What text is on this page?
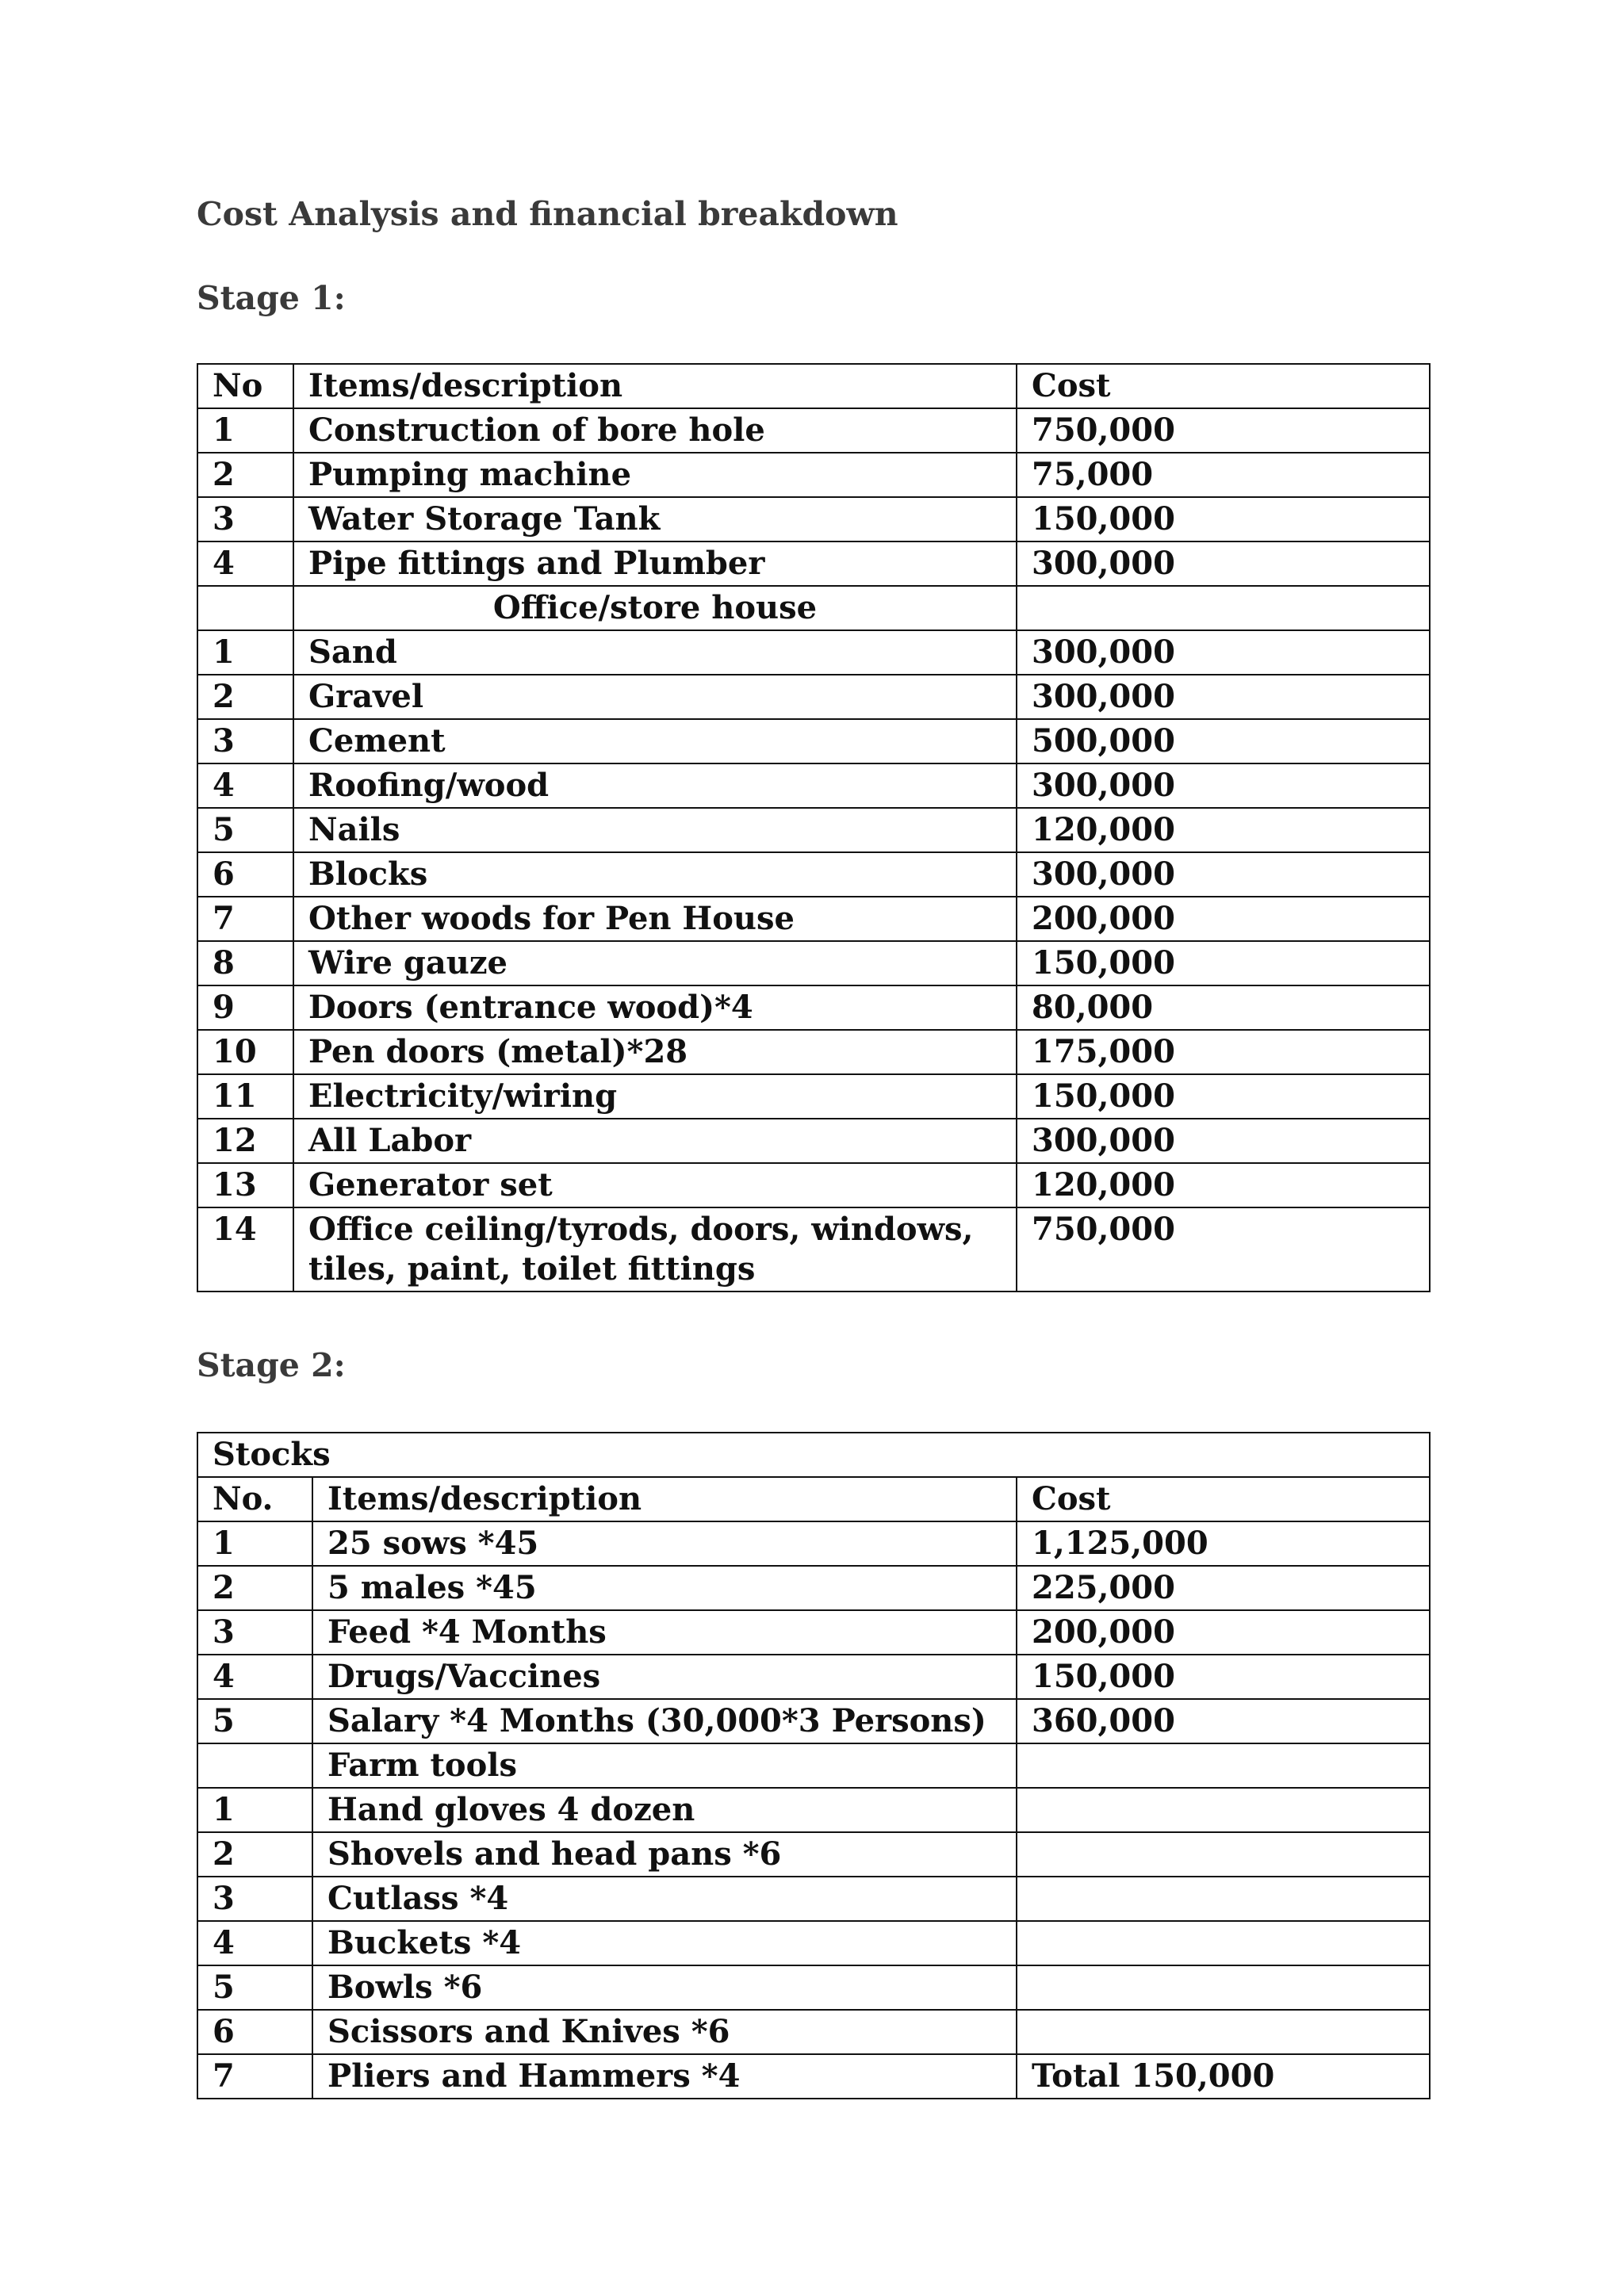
Cost Analysis and financial breakdown
Stage 1:
No	Items/description	Cost
1	Construction of bore hole	750,000
2	Pumping machine	75,000
3	Water Storage Tank	150,000
4	Pipe fittings and Plumber	300,000
	Office/store house	
1	Sand	300,000
2	Gravel	300,000
3	Cement	500,000
4	Roofing/wood	300,000
5	Nails	120,000
6	Blocks	300,000
7	Other woods for Pen House	200,000
8	Wire gauze	150,000
9	Doors (entrance wood)*4	80,000
10	Pen doors (metal)*28	175,000
11	Electricity/wiring	150,000
12	All Labor	300,000
13	Generator set	120,000
14	Office ceiling/tyrods, doors, windows, tiles, paint, toilet fittings	750,000
Stage 2:
Stocks		
No.	Items/description	Cost
1	25 sows *45	1,125,000
2	5 males *45	225,000
3	Feed *4 Months	200,000
4	Drugs/Vaccines	150,000
5	Salary *4 Months (30,000*3 Persons)	360,000
	Farm tools	
1	Hand gloves 4 dozen	
2	Shovels and head pans *6	
3	Cutlass *4	
4	Buckets *4	
5	Bowls *6	
6	Scissors and Knives *6	
7	Pliers and Hammers *4	Total 150,000
